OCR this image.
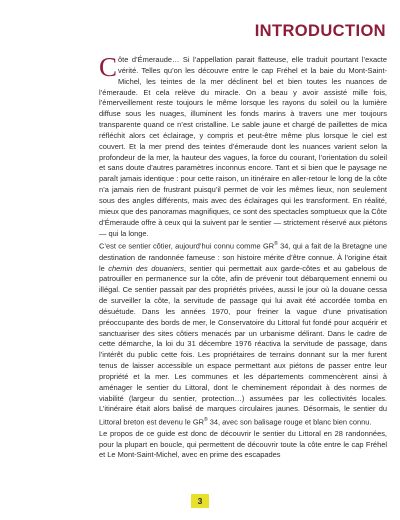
INTRODUCTION

Côte d’Émeraude… Si l’appellation parait flatteuse, elle traduit pourtant l’exacte vérité. Telles qu’on les découvre entre le cap Fréhel et la baie du Mont-Saint-Michel, les teintes de la mer déclinent bel et bien toutes les nuances de l’émeraude. Et cela relève du miracle. On a beau y avoir assisté mille fois, l’émerveillement reste toujours le même lorsque les rayons du soleil ou la lumière diffuse sous les nuages, illuminent les fonds marins à travers une mer toujours transparente quand ce n’est cristalline. Le sable jaune et chargé de paillettes de mica réfléchit alors cet éclairage, y compris et peut-être même plus lorsque le ciel est couvert. Et la mer prend des teintes d’émeraude dont les nuances varient selon la profondeur de la mer, la hauteur des vagues, la force du courant, l’orientation du soleil et sans doute d’autres paramètres inconnus encore. Tant et si bien que le paysage ne paraît jamais identique : pour cette raison, un itinéraire en aller-retour le long de la côte n’a jamais rien de frustrant puisqu’il permet de voir les mêmes lieux, non seulement sous des angles différents, mais avec des éclairages qui les transforment. En réalité, mieux que des panoramas magnifiques, ce sont des spectacles somptueux que la Côte d’Émeraude offre à ceux qui la suivent par le sentier — strictement réservé aux piétons — qui la longe.

C’est ce sentier côtier, aujourd’hui connu comme GR® 34, qui a fait de la Bretagne une destination de randonnée fameuse : son histoire mérite d’être connue. À l’origine était le chemin des douaniers, sentier qui permettait aux garde-côtes et au gabelous de patrouiller en permanence sur la côte, afin de prévenir tout débarquement ennemi ou illégal. Ce sentier passait par des propriétés privées, aussi le jour où la douane cessa de surveiller la côte, la servitude de passage qui lui avait été accordée tomba en désuétude. Dans les années 1970, pour freiner la vague d’une privatisation préoccupante des bords de mer, le Conservatoire du Littoral fut fondé pour acquérir et sanctuariser des sites côtiers menacés par un urbanisme délirant. Dans le cadre de cette démarche, la loi du 31 décembre 1976 réactiva la servitude de passage, dans l’intérêt du public cette fois. Les propriétaires de terrains donnant sur la mer furent tenus de laisser accessible un espace permettant aux piétons de passer entre leur propriété et la mer. Les communes et les départements commencèrent ainsi à aménager le sentier du Littoral, dont le cheminement répondait à des normes de viabilité (largeur du sentier, protection…) assumées par les collectivités locales. L’itinéraire était alors balisé de marques circulaires jaunes. Désormais, le sentier du Littoral breton est devenu le GR® 34, avec son balisage rouge et blanc bien connu.

Le propos de ce guide est donc de découvrir le sentier du Littoral en 28 randonnées, pour la plupart en boucle, qui permettent de découvrir toute la côte entre le cap Fréhel et Le Mont-Saint-Michel, avec en prime des escapades

3
